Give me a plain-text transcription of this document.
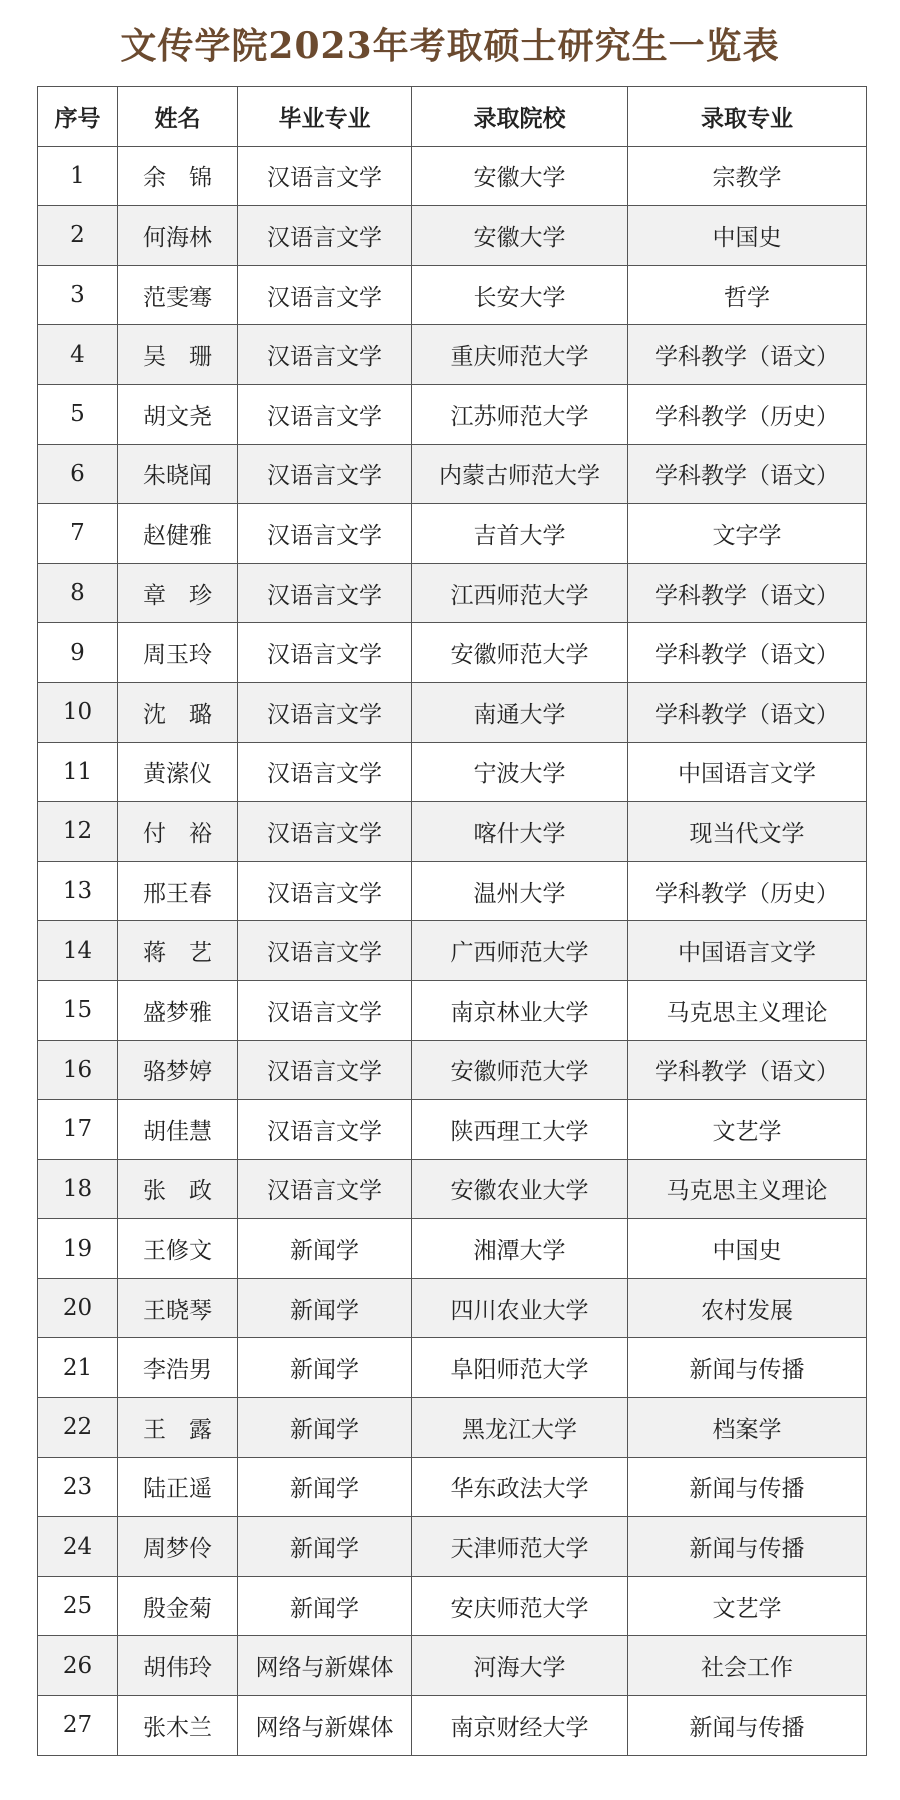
文传学院2023年考取硕士研究生一览表
序号	姓名	毕业专业	录取院校	录取专业
1	余　锦	汉语言文学	安徽大学	宗教学
2	何海林	汉语言文学	安徽大学	中国史
3	范雯骞	汉语言文学	长安大学	哲学
4	吴　珊	汉语言文学	重庆师范大学	学科教学（语文）
5	胡文尧	汉语言文学	江苏师范大学	学科教学（历史）
6	朱晓闻	汉语言文学	内蒙古师范大学	学科教学（语文）
7	赵健雅	汉语言文学	吉首大学	文字学
8	章　珍	汉语言文学	江西师范大学	学科教学（语文）
9	周玉玲	汉语言文学	安徽师范大学	学科教学（语文）
10	沈　璐	汉语言文学	南通大学	学科教学（语文）
11	黄潆仪	汉语言文学	宁波大学	中国语言文学
12	付　裕	汉语言文学	喀什大学	现当代文学
13	邢王春	汉语言文学	温州大学	学科教学（历史）
14	蒋　艺	汉语言文学	广西师范大学	中国语言文学
15	盛梦雅	汉语言文学	南京林业大学	马克思主义理论
16	骆梦婷	汉语言文学	安徽师范大学	学科教学（语文）
17	胡佳慧	汉语言文学	陕西理工大学	文艺学
18	张　政	汉语言文学	安徽农业大学	马克思主义理论
19	王修文	新闻学	湘潭大学	中国史
20	王晓琴	新闻学	四川农业大学	农村发展
21	李浩男	新闻学	阜阳师范大学	新闻与传播
22	王　露	新闻学	黑龙江大学	档案学
23	陆正遥	新闻学	华东政法大学	新闻与传播
24	周梦伶	新闻学	天津师范大学	新闻与传播
25	殷金菊	新闻学	安庆师范大学	文艺学
26	胡伟玲	网络与新媒体	河海大学	社会工作
27	张木兰	网络与新媒体	南京财经大学	新闻与传播
